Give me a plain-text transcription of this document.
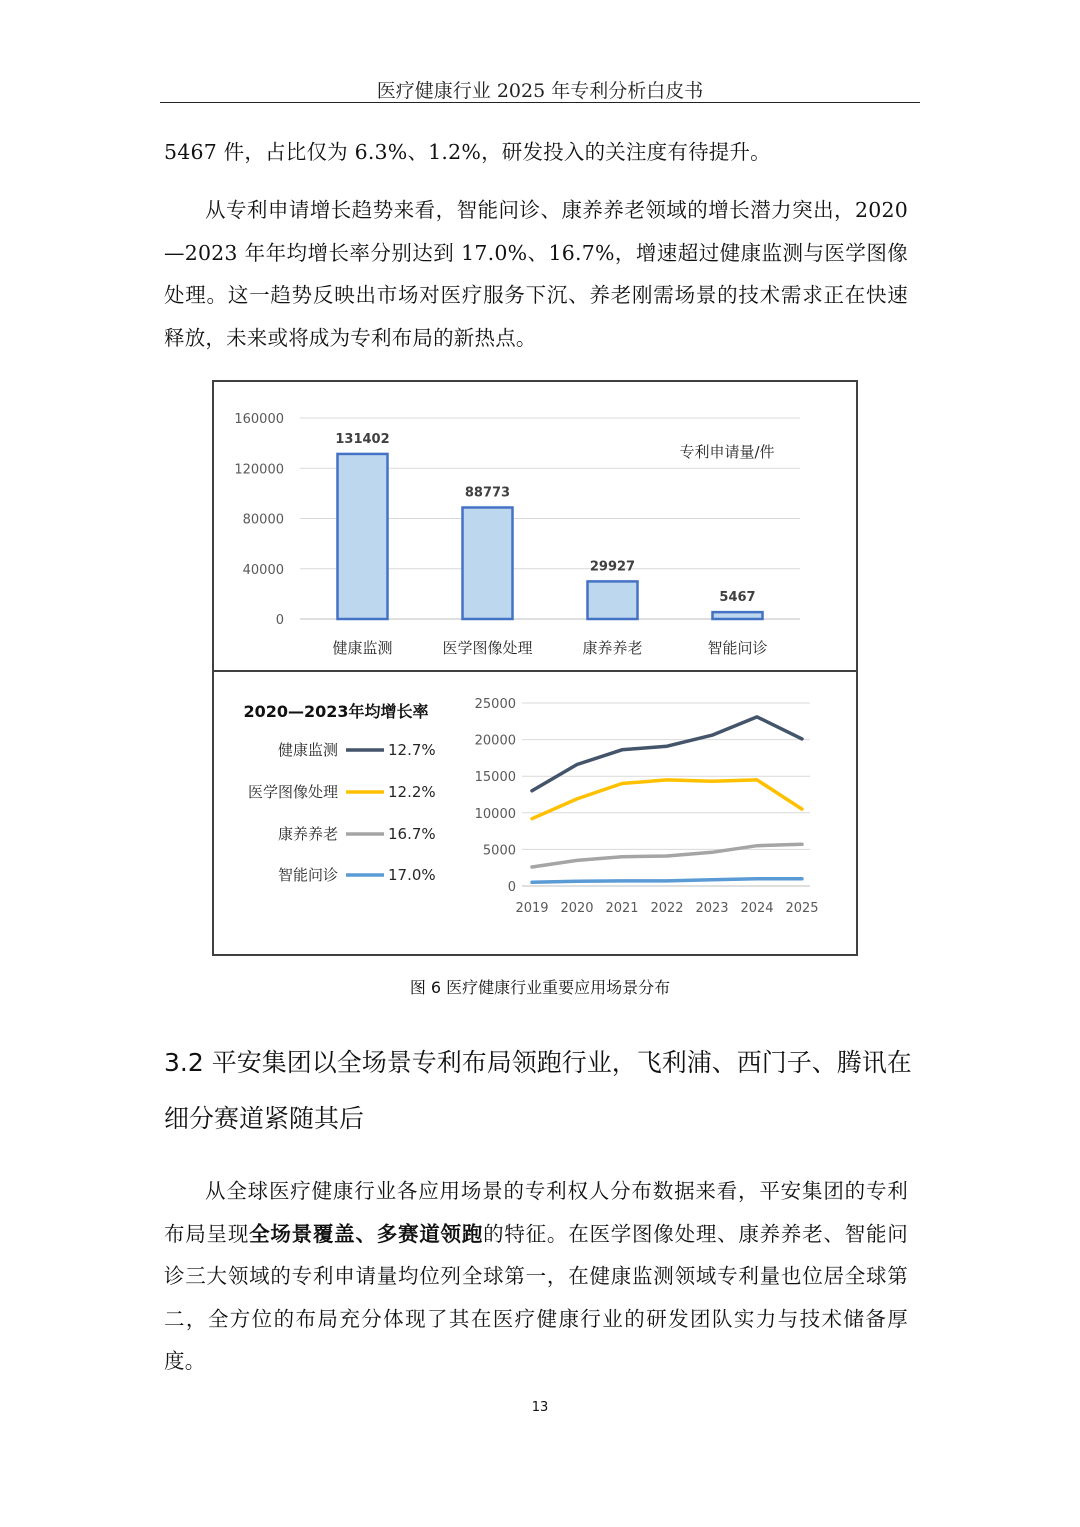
医疗健康行业 2025 年专利分析白皮书
5467 件，占比仅为 6.3%、1.2%，研发投入的关注度有待提升。
从专利申请增长趋势来看，智能问诊、康养养老领域的增长潜力突出，2020—2023 年年均增长率分别达到 17.0%、16.7%，增速超过健康监测与医学图像处理。这一趋势反映出市场对医疗服务下沉、养老刚需场景的技术需求正在快速释放，未来或将成为专利布局的新热点。
0
40000
80000
120000
160000
131402
健康监测
88773
医学图像处理
29927
康养养老
5467
智能问诊
专利申请量/件
2020—2023年均增长率
健康监测	12.7%
医学图像处理	12.2%
康养养老	16.7%
智能问诊	17.0%
0
5000
10000
15000
20000
25000
2019 2020 2021 2022 2023 2024 2025
图 6 医疗健康行业重要应用场景分布
3.2 平安集团以全场景专利布局领跑行业，飞利浦、西门子、腾讯在
细分赛道紧随其后
从全球医疗健康行业各应用场景的专利权人分布数据来看，平安集团的专利布局呈现全场景覆盖、多赛道领跑的特征。在医学图像处理、康养养老、智能问诊三大领域的专利申请量均位列全球第一，在健康监测领域专利量也位居全球第二，全方位的布局充分体现了其在医疗健康行业的研发团队实力与技术储备厚度。
13
